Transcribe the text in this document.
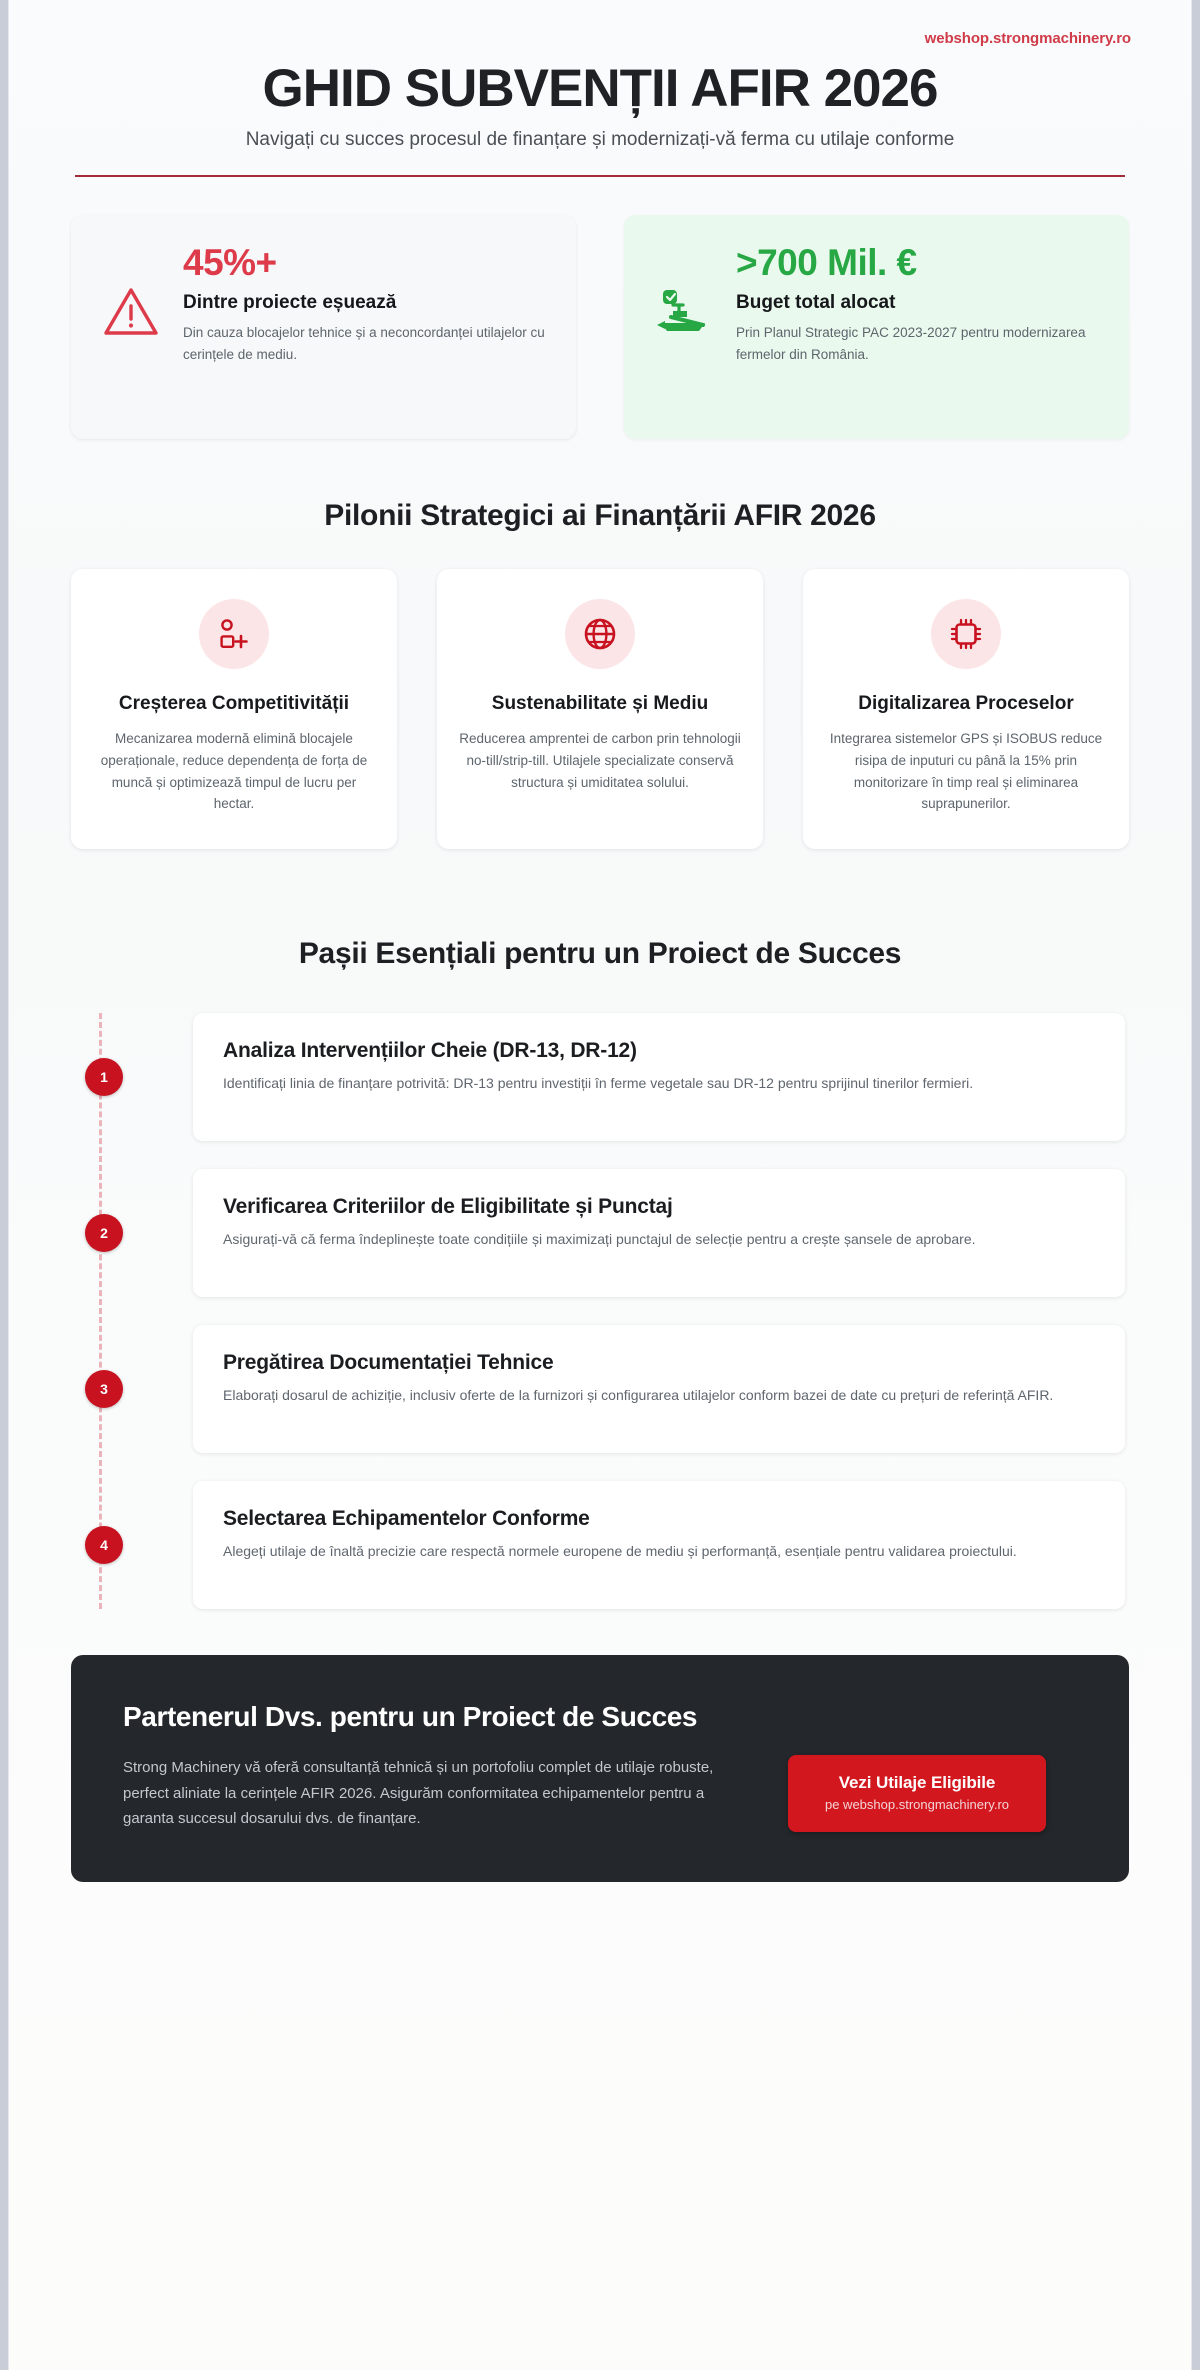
webshop.strongmachinery.ro
GHID SUBVENȚII AFIR 2026
Navigați cu succes procesul de finanțare și modernizați-vă ferma cu utilaje conforme
45%+
Dintre proiecte eșuează
Din cauza blocajelor tehnice și a neconcordanței utilajelor cu cerințele de mediu.
>700 Mil. €
Buget total alocat
Prin Planul Strategic PAC 2023-2027 pentru modernizarea fermelor din România.
Pilonii Strategici ai Finanțării AFIR 2026
Creșterea Competitivității
Mecanizarea modernă elimină blocajele operaționale, reduce dependența de forța de muncă și optimizează timpul de lucru per hectar.
Sustenabilitate și Mediu
Reducerea amprentei de carbon prin tehnologii no-till/strip-till. Utilajele specializate conservă structura și umiditatea solului.
Digitalizarea Proceselor
Integrarea sistemelor GPS și ISOBUS reduce risipa de inputuri cu până la 15% prin monitorizare în timp real și eliminarea suprapunerilor.
Pașii Esențiali pentru un Proiect de Succes
1
Analiza Intervențiilor Cheie (DR-13, DR-12)
Identificați linia de finanțare potrivită: DR-13 pentru investiții în ferme vegetale sau DR-12 pentru sprijinul tinerilor fermieri.
2
Verificarea Criteriilor de Eligibilitate și Punctaj
Asigurați-vă că ferma îndeplinește toate condițiile și maximizați punctajul de selecție pentru a crește șansele de aprobare.
3
Pregătirea Documentației Tehnice
Elaborați dosarul de achiziție, inclusiv oferte de la furnizori și configurarea utilajelor conform bazei de date cu prețuri de referință AFIR.
4
Selectarea Echipamentelor Conforme
Alegeți utilaje de înaltă precizie care respectă normele europene de mediu și performanță, esențiale pentru validarea proiectului.
Partenerul Dvs. pentru un Proiect de Succes
Strong Machinery vă oferă consultanță tehnică și un portofoliu complet de utilaje robuste, perfect aliniate la cerințele AFIR 2026. Asigurăm conformitatea echipamentelor pentru a garanta succesul dosarului dvs. de finanțare.
Vezi Utilaje Eligibile
pe webshop.strongmachinery.ro
